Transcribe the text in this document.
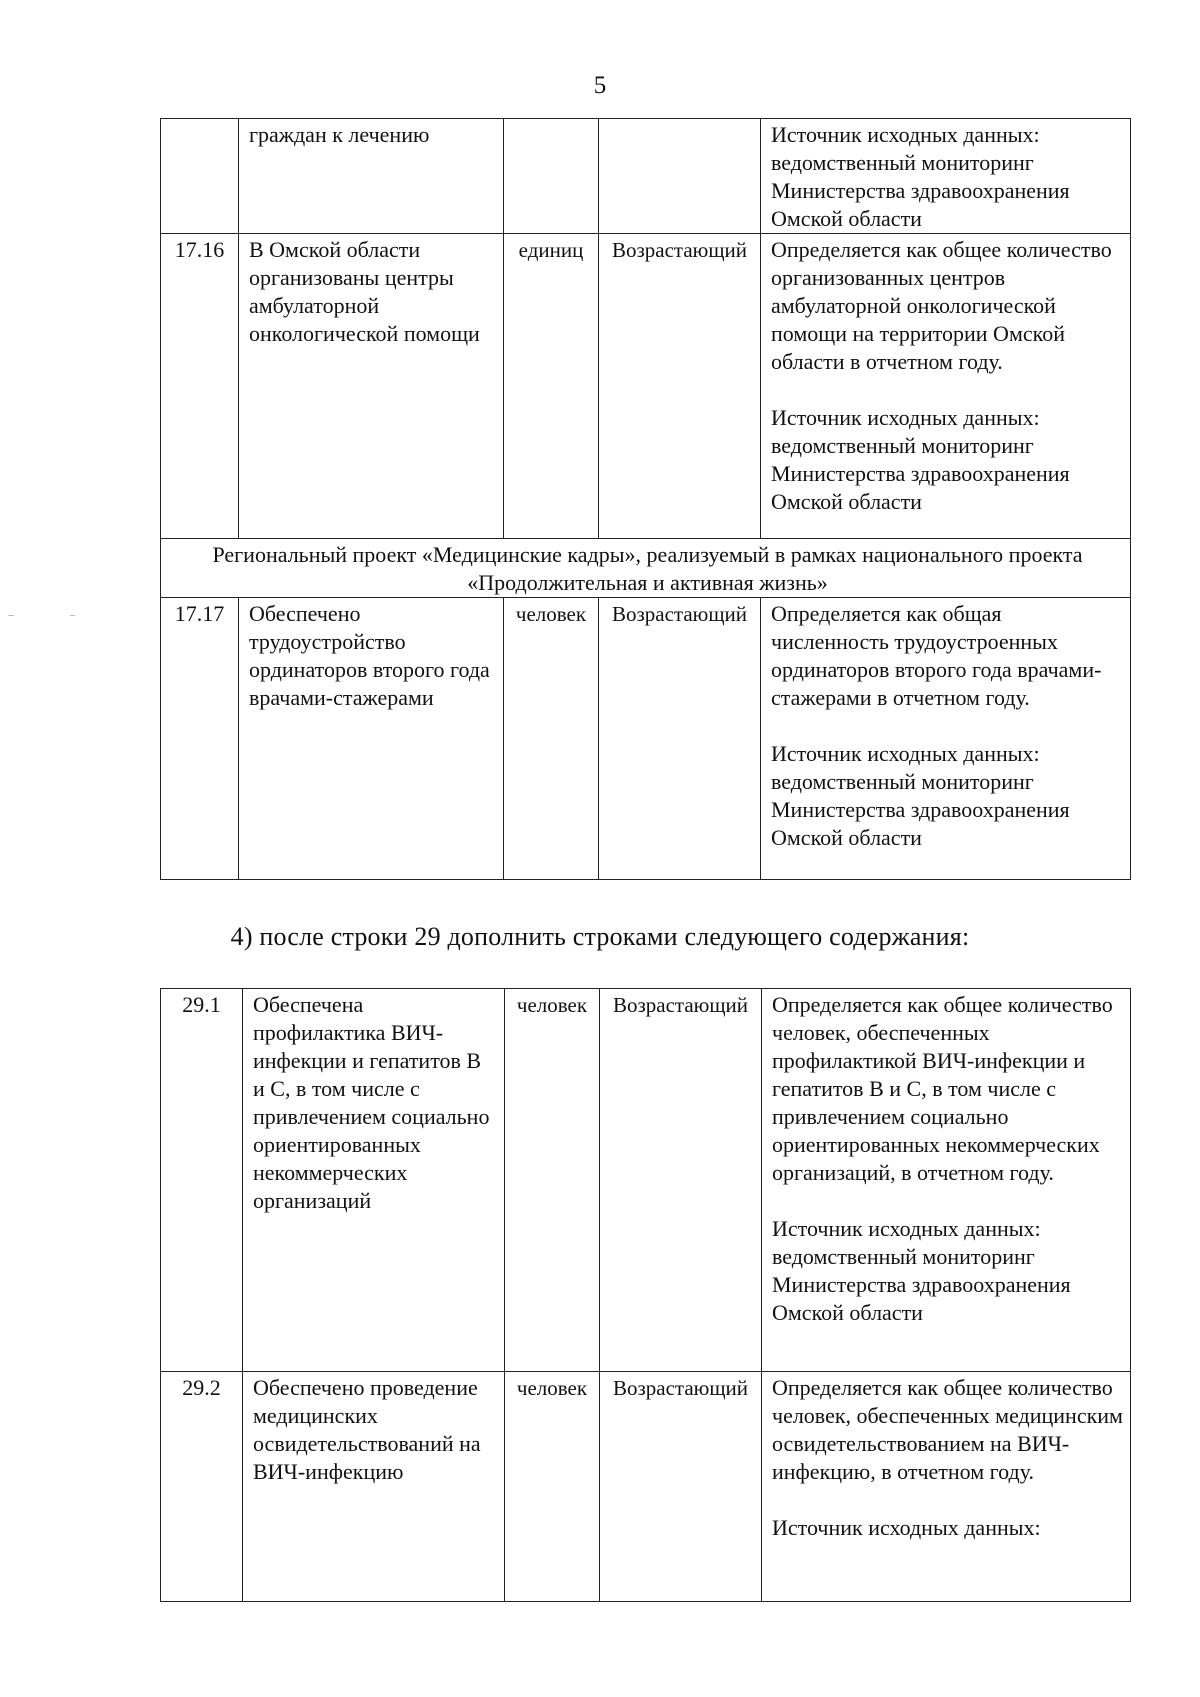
5
	граждан к лечению			Источник исходных данных: ведомственный мониторинг Министерства здравоохранения Омской области

17.16	В Омской области организованы центры амбулаторной онкологической помощи	единиц	Возрастающий	Определяется как общее количество организованных центров амбулаторной онкологической помощи на территории Омской области в отчетном году.
Источник исходных данных: ведомственный мониторинг Министерства здравоохранения Омской области

Региональный проект «Медицинские кадры», реализуемый в рамках национального проекта «Продолжительная и активная жизнь»				
17.17	Обеспечено трудоустройство ординаторов второго года врачами-стажерами	человек	Возрастающий	Определяется как общая численность трудоустроенных ординаторов второго года врачами-стажерами в отчетном году.
Источник исходных данных: ведомственный мониторинг Министерства здравоохранения Омской области
4) после строки 29 дополнить строками следующего содержания:
29.1	Обеспечена профилактика ВИЧ-инфекции и гепатитов В и С, в том числе с привлечением социально ориентированных некоммерческих организаций	человек	Возрастающий	Определяется как общее количество человек, обеспеченных профилактикой ВИЧ-инфекции и гепатитов В и С, в том числе с привлечением социально ориентированных некоммерческих организаций, в отчетном году.
Источник исходных данных: ведомственный мониторинг Министерства здравоохранения Омской области

29.2	Обеспечено проведение медицинских освидетельствований на ВИЧ-инфекцию	человек	Возрастающий	Определяется как общее количество человек, обеспеченных медицинским освидетельствованием на ВИЧ-инфекцию, в отчетном году.
Источник исходных данных:
